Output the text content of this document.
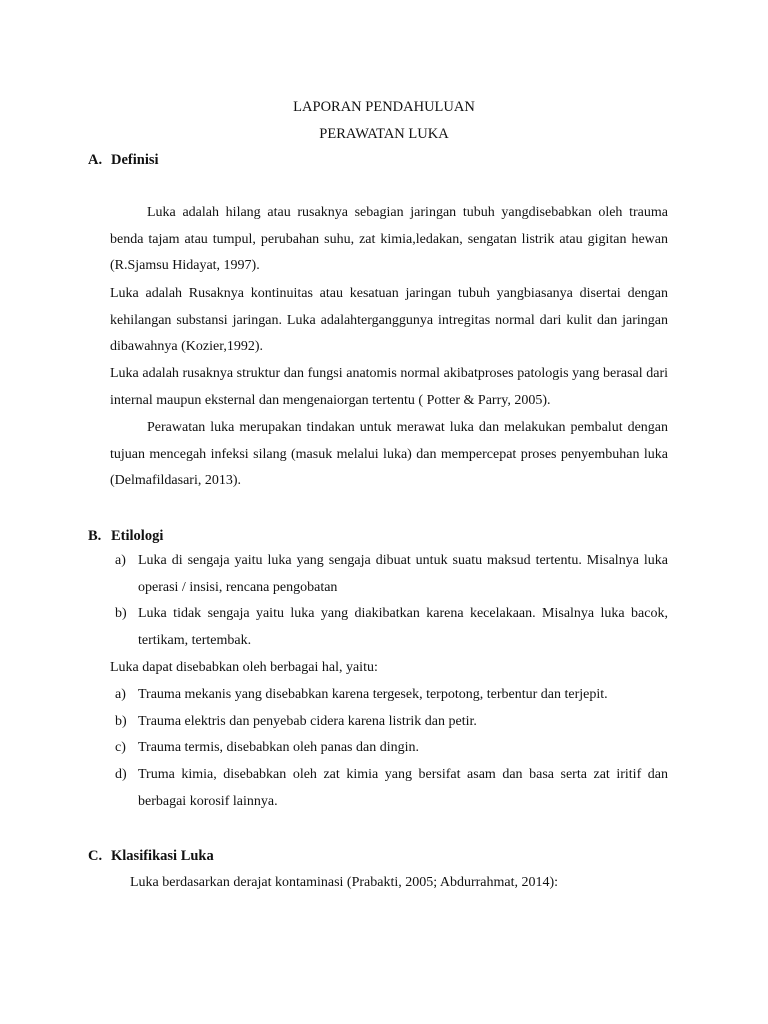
LAPORAN PENDAHULUAN
PERAWATAN LUKA
A. Definisi
Luka adalah hilang atau rusaknya sebagian jaringan tubuh yangdisebabkan oleh trauma benda tajam atau tumpul, perubahan suhu, zat kimia,ledakan, sengatan listrik atau gigitan hewan (R.Sjamsu Hidayat, 1997).
Luka adalah Rusaknya kontinuitas atau kesatuan jaringan tubuh yangbiasanya disertai dengan kehilangan substansi jaringan. Luka adalahterganggunya intregitas normal dari kulit dan jaringan dibawahnya (Kozier,1992).
Luka adalah rusaknya struktur dan fungsi anatomis normal akibatproses patologis yang berasal dari internal maupun eksternal dan mengenaiorgan tertentu ( Potter & Parry, 2005).
Perawatan luka merupakan tindakan untuk merawat luka dan melakukan pembalut dengan tujuan mencegah infeksi silang (masuk melalui luka) dan mempercepat proses penyembuhan luka (Delmafildasari, 2013).
B. Etilologi
a) Luka di sengaja yaitu luka yang sengaja dibuat untuk suatu maksud tertentu. Misalnya luka operasi / insisi, rencana pengobatan
b) Luka tidak sengaja yaitu luka yang diakibatkan karena kecelakaan. Misalnya luka bacok, tertikam, tertembak.
Luka dapat disebabkan oleh berbagai hal, yaitu:
a) Trauma mekanis yang disebabkan karena tergesek, terpotong, terbentur dan terjepit.
b) Trauma elektris dan penyebab cidera karena listrik dan petir.
c) Trauma termis, disebabkan oleh panas dan dingin.
d) Truma kimia, disebabkan oleh zat kimia yang bersifat asam dan basa serta zat iritif dan berbagai korosif lainnya.
C. Klasifikasi Luka
Luka berdasarkan derajat kontaminasi (Prabakti, 2005; Abdurrahmat, 2014):
